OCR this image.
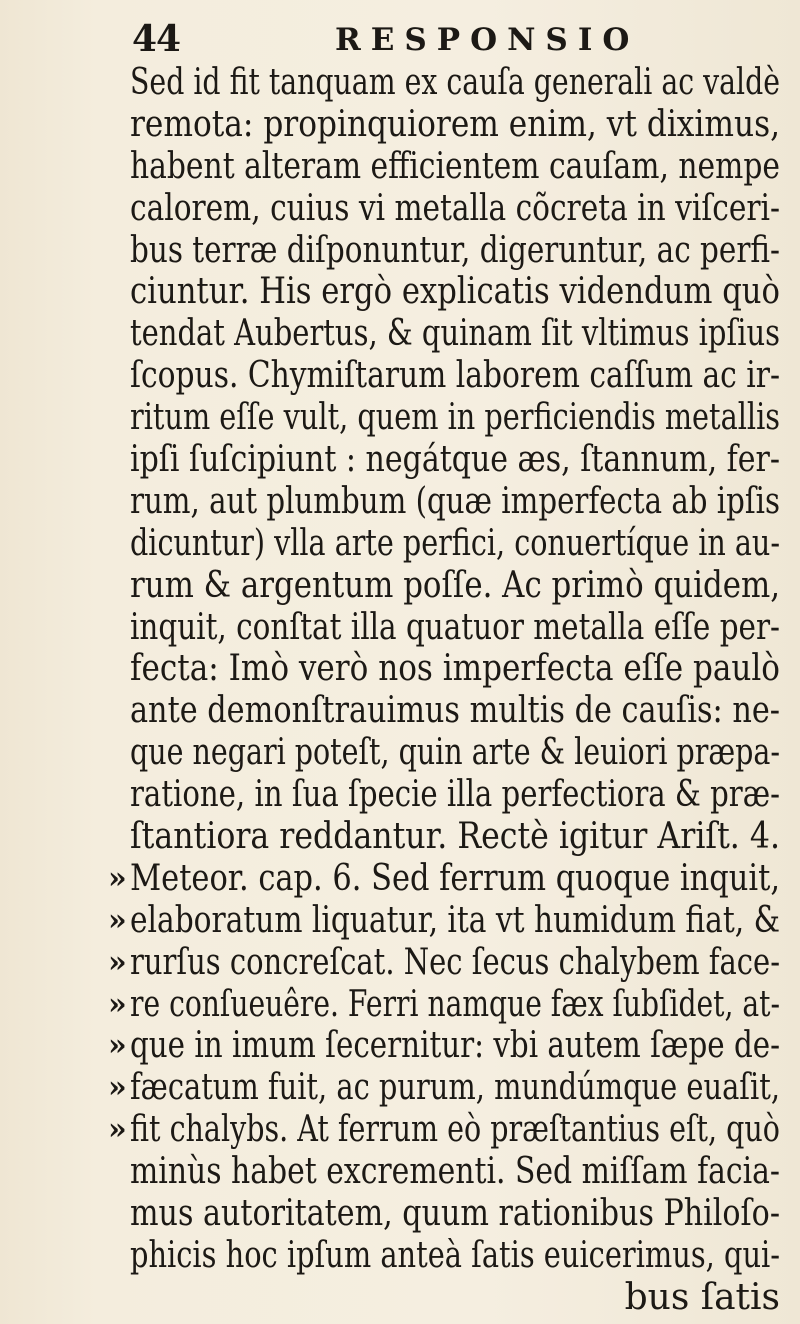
44	RESPONSIO
Sed id fit tanquam ex cauſa generali ac valdè
remota: propinquiorem enim, vt diximus,
habent alteram efficientem cauſam, nempe
calorem, cuius vi metalla cõcreta in viſceri-
bus terræ diſponuntur, digeruntur, ac perfi-
ciuntur. His ergò explicatis videndum quò
tendat Aubertus, & quinam ſit vltimus ipſius
ſcopus. Chymiſtarum laborem caſſum ac ir-
ritum eſſe vult, quem in perficiendis metallis
ipſi ſuſcipiunt : negátque æs, ſtannum, fer-
rum, aut plumbum (quæ imperfecta ab ipſis
dicuntur) vlla arte perfici, conuertíque in au-
rum & argentum poſſe. Ac primò quidem,
inquit, conſtat illa quatuor metalla eſſe per-
fecta: Imò verò nos imperfecta eſſe paulò
ante demonſtrauimus multis de cauſis: ne-
que negari poteſt, quin arte & leuiori præpa-
ratione, in ſua ſpecie illa perfectiora & præ-
ſtantiora reddantur. Rectè igitur Ariſt. 4.
» Meteor. cap. 6. Sed ferrum quoque inquit,
» elaboratum liquatur, ita vt humidum fiat, &
» rurſus concreſcat. Nec ſecus chalybem face-
» re conſueuêre. Ferri namque fæx ſubſidet, at-
» que in imum ſecernitur: vbi autem ſæpe de-
» fæcatum fuit, ac purum, mundúmque euaſit,
» fit chalybs. At ferrum eò præſtantius eſt, quò
minùs habet excrementi. Sed miſſam facia-
mus autoritatem, quum rationibus Philoſo-
phicis hoc ipſum anteà ſatis euicerimus, qui-
bus ſatis
